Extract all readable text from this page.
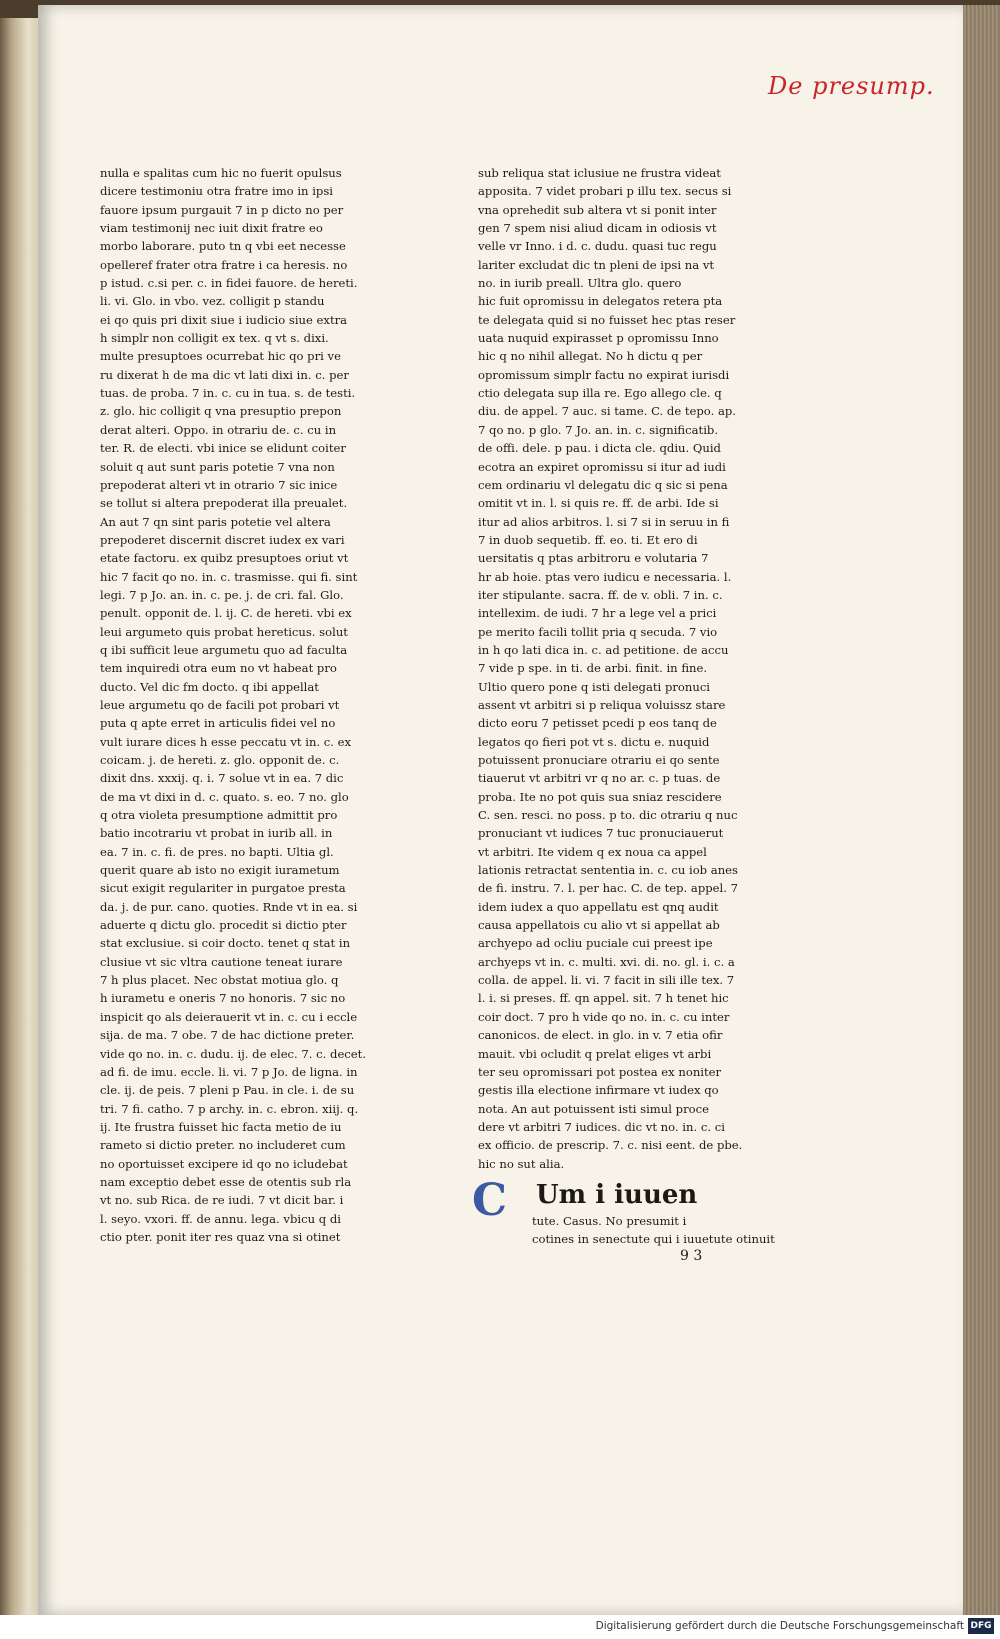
De presump.
nulla e spalitas cum hic no fuerit opulsus
dicere testimoniu otra fratre imo in ipsi
fauore ipsum purgauit 7 in p dicto no per
viam testimonij nec iuit dixit fratre eo
morbo laborare. puto tn q vbi eet necesse
opelleref frater otra fratre i ca heresis. no
p istud. c.si per. c. in fidei fauore. de hereti.
li. vi. Glo. in vbo. vez. colligit p standu
ei qo quis pri dixit siue i iudicio siue extra
h simplr non colligit ex tex. q vt s. dixi.
multe presuptoes ocurrebat hic qo pri ve
ru dixerat h de ma dic vt lati dixi in. c. per
tuas. de proba. 7 in. c. cu in tua. s. de testi.
z. glo. hic colligit q vna presuptio prepon
derat alteri. Oppo. in otrariu de. c. cu in
ter. R. de electi. vbi inice se elidunt coiter
soluit q aut sunt paris potetie 7 vna non
prepoderat alteri vt in otrario 7 sic inice
se tollut si altera prepoderat illa preualet.
An aut 7 qn sint paris potetie vel altera
prepoderet discernit discret iudex ex vari
etate factoru. ex quibz presuptoes oriut vt
hic 7 facit qo no. in. c. trasmisse. qui fi. sint
legi. 7 p Jo. an. in. c. pe. j. de cri. fal. Glo.
penult. opponit de. l. ij. C. de hereti. vbi ex
leui argumeto quis probat hereticus. solut
q ibi sufficit leue argumetu quo ad faculta
tem inquiredi otra eum no vt habeat pro
ducto. Vel dic fm docto. q ibi appellat
leue argumetu qo de facili pot probari vt
puta q apte erret in articulis fidei vel no
vult iurare dices h esse peccatu vt in. c. ex
coicam. j. de hereti. z. glo. opponit de. c.
dixit dns. xxxij. q. i. 7 solue vt in ea. 7 dic
de ma vt dixi in d. c. quato. s. eo. 7 no. glo
q otra violeta presumptione admittit pro
batio incotrariu vt probat in iurib all. in
ea. 7 in. c. fi. de pres. no bapti. Ultia gl.
querit quare ab isto no exigit iurametum
sicut exigit regulariter in purgatoe presta
da. j. de pur. cano. quoties. Rnde vt in ea. si
aduerte q dictu glo. procedit si dictio pter
stat exclusiue. si coir docto. tenet q stat in
clusiue vt sic vltra cautione teneat iurare
7 h plus placet. Nec obstat motiua glo. q
h iurametu e oneris 7 no honoris. 7 sic no
inspicit qo als deierauerit vt in. c. cu i eccle
sija. de ma. 7 obe. 7 de hac dictione preter.
vide qo no. in. c. dudu. ij. de elec. 7. c. decet.
ad fi. de imu. eccle. li. vi. 7 p Jo. de ligna. in
cle. ij. de peis. 7 pleni p Pau. in cle. i. de su
tri. 7 fi. catho. 7 p archy. in. c. ebron. xiij. q.
ij. Ite frustra fuisset hic facta metio de iu
rameto si dictio preter. no includeret cum
no oportuisset excipere id qo no icludebat
nam exceptio debet esse de otentis sub rla
vt no. sub Rica. de re iudi. 7 vt dicit bar. i
l. seyo. vxori. ff. de annu. lega. vbicu q di
ctio pter. ponit iter res quaz vna si otinet
sub reliqua stat iclusiue ne frustra videat
apposita. 7 videt probari p illu tex. secus si
vna oprehedit sub altera vt si ponit inter
gen 7 spem nisi aliud dicam in odiosis vt
velle vr Inno. i d. c. dudu. quasi tuc regu
lariter excludat dic tn pleni de ipsi na vt
no. in iurib preall. Ultra glo. quero
hic fuit opromissu in delegatos retera pta
te delegata quid si no fuisset hec ptas reser
uata nuquid expirasset p opromissu Inno
hic q no nihil allegat. No h dictu q per
opromissum simplr factu no expirat iurisdi
ctio delegata sup illa re. Ego allego cle. q
diu. de appel. 7 auc. si tame. C. de tepo. ap.
7 qo no. p glo. 7 Jo. an. in. c. significatib.
de offi. dele. p pau. i dicta cle. qdiu. Quid
ecotra an expiret opromissu si itur ad iudi
cem ordinariu vl delegatu dic q sic si pena
omitit vt in. l. si quis re. ff. de arbi. Ide si
itur ad alios arbitros. l. si 7 si in seruu in fi
7 in duob sequetib. ff. eo. ti. Et ero di
uersitatis q ptas arbitroru e volutaria 7
hr ab hoie. ptas vero iudicu e necessaria. l.
iter stipulante. sacra. ff. de v. obli. 7 in. c.
intellexim. de iudi. 7 hr a lege vel a prici
pe merito facili tollit pria q secuda. 7 vio
in h qo lati dica in. c. ad petitione. de accu
7 vide p spe. in ti. de arbi. finit. in fine.
Ultio quero pone q isti delegati pronuci
assent vt arbitri si p reliqua voluissz stare
dicto eoru 7 petisset pcedi p eos tanq de
legatos qo fieri pot vt s. dictu e. nuquid
potuissent pronuciare otrariu ei qo sente
tiauerut vt arbitri vr q no ar. c. p tuas. de
proba. Ite no pot quis sua sniaz rescidere
C. sen. resci. no poss. p to. dic otrariu q nuc
pronuciant vt iudices 7 tuc pronuciauerut
vt arbitri. Ite videm q ex noua ca appel
lationis retractat sententia in. c. cu iob anes
de fi. instru. 7. l. per hac. C. de tep. appel. 7
idem iudex a quo appellatu est qnq audit
causa appellatois cu alio vt si appellat ab
archyepo ad ocliu puciale cui preest ipe
archyeps vt in. c. multi. xvi. di. no. gl. i. c. a
colla. de appel. li. vi. 7 facit in sili ille tex. 7
l. i. si preses. ff. qn appel. sit. 7 h tenet hic
coir doct. 7 pro h vide qo no. in. c. cu inter
canonicos. de elect. in glo. in v. 7 etia ofir
mauit. vbi ocludit q prelat eliges vt arbi
ter seu opromissari pot postea ex noniter
gestis illa electione infirmare vt iudex qo
nota. An aut potuissent isti simul proce
dere vt arbitri 7 iudices. dic vt no. in. c. ci
ex officio. de prescrip. 7. c. nisi eent. de pbe.
hic no sut alia.
C Um i iuuen
tute. Casus. No presumit i
cotines in senectute qui i iuuetute otinuit
9 3
Digitalisierung gefördert durch die Deutsche Forschungsgemeinschaft DFG
